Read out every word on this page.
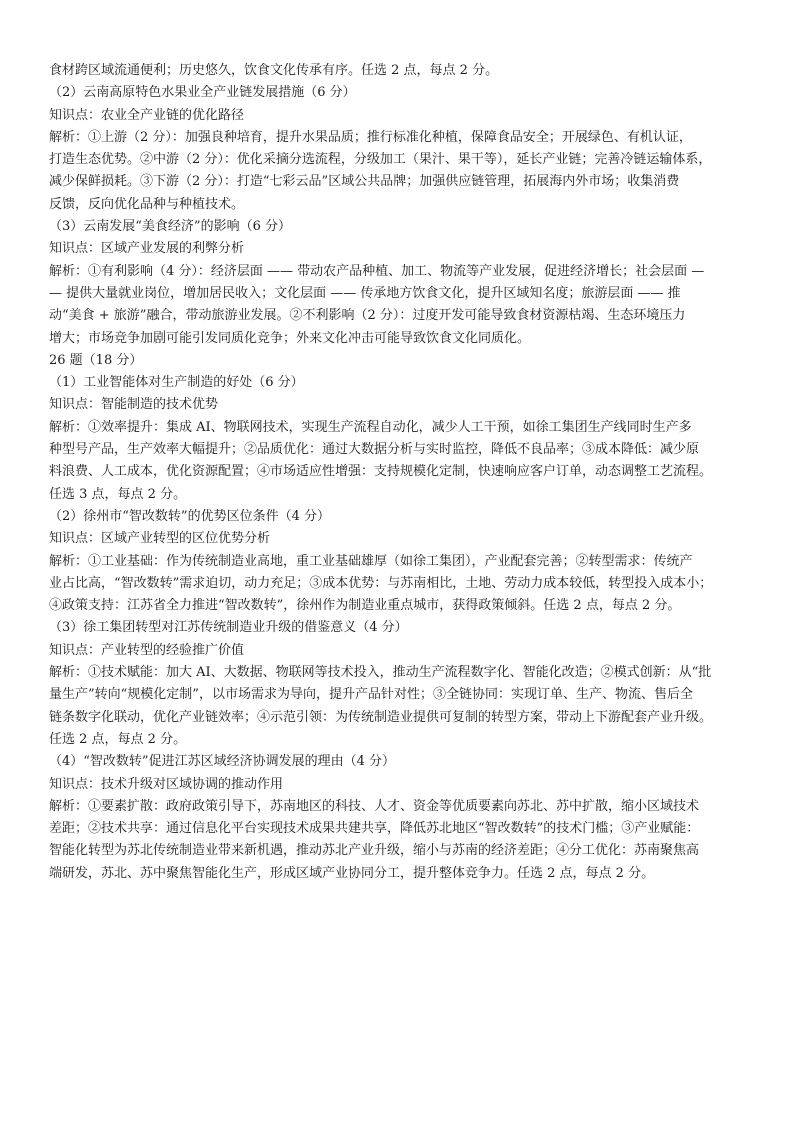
食材跨区域流通便利；历史悠久，饮食文化传承有序。任选 2 点，每点 2 分。
（2）云南高原特色水果业全产业链发展措施（6 分）
知识点：农业全产业链的优化路径
解析：①上游（2 分）：加强良种培育，提升水果品质；推行标准化种植，保障食品安全；开展绿色、有机认证，
打造生态优势。②中游（2 分）：优化采摘分选流程，分级加工（果汁、果干等），延长产业链；完善冷链运输体系，
减少保鲜损耗。③下游（2 分）：打造“七彩云品”区域公共品牌；加强供应链管理，拓展海内外市场；收集消费
反馈，反向优化品种与种植技术。
（3）云南发展“美食经济”的影响（6 分）
知识点：区域产业发展的利弊分析
解析：①有利影响（4 分）：经济层面 —— 带动农产品种植、加工、物流等产业发展，促进经济增长；社会层面 —
— 提供大量就业岗位，增加居民收入；文化层面 —— 传承地方饮食文化，提升区域知名度；旅游层面 —— 推
动“美食 + 旅游”融合，带动旅游业发展。②不利影响（2 分）：过度开发可能导致食材资源枯竭、生态环境压力
增大；市场竞争加剧可能引发同质化竞争；外来文化冲击可能导致饮食文化同质化。
26 题（18 分）
（1）工业智能体对生产制造的好处（6 分）
知识点：智能制造的技术优势
解析：①效率提升：集成 AI、物联网技术，实现生产流程自动化，减少人工干预，如徐工集团生产线同时生产多
种型号产品，生产效率大幅提升；②品质优化：通过大数据分析与实时监控，降低不良品率；③成本降低：减少原
料浪费、人工成本，优化资源配置；④市场适应性增强：支持规模化定制，快速响应客户订单，动态调整工艺流程。
任选 3 点，每点 2 分。
（2）徐州市“智改数转”的优势区位条件（4 分）
知识点：区域产业转型的区位优势分析
解析：①工业基础：作为传统制造业高地，重工业基础雄厚（如徐工集团），产业配套完善；②转型需求：传统产
业占比高，“智改数转”需求迫切，动力充足；③成本优势：与苏南相比，土地、劳动力成本较低，转型投入成本小；
④政策支持：江苏省全力推进“智改数转”，徐州作为制造业重点城市，获得政策倾斜。任选 2 点，每点 2 分。
（3）徐工集团转型对江苏传统制造业升级的借鉴意义（4 分）
知识点：产业转型的经验推广价值
解析：①技术赋能：加大 AI、大数据、物联网等技术投入，推动生产流程数字化、智能化改造；②模式创新：从“批
量生产”转向“规模化定制”，以市场需求为导向，提升产品针对性；③全链协同：实现订单、生产、物流、售后全
链条数字化联动，优化产业链效率；④示范引领：为传统制造业提供可复制的转型方案，带动上下游配套产业升级。
任选 2 点，每点 2 分。
（4）“智改数转”促进江苏区域经济协调发展的理由（4 分）
知识点：技术升级对区域协调的推动作用
解析：①要素扩散：政府政策引导下，苏南地区的科技、人才、资金等优质要素向苏北、苏中扩散，缩小区域技术
差距；②技术共享：通过信息化平台实现技术成果共建共享，降低苏北地区“智改数转”的技术门槛；③产业赋能：
智能化转型为苏北传统制造业带来新机遇，推动苏北产业升级，缩小与苏南的经济差距；④分工优化：苏南聚焦高
端研发，苏北、苏中聚焦智能化生产，形成区域产业协同分工，提升整体竞争力。任选 2 点，每点 2 分。
